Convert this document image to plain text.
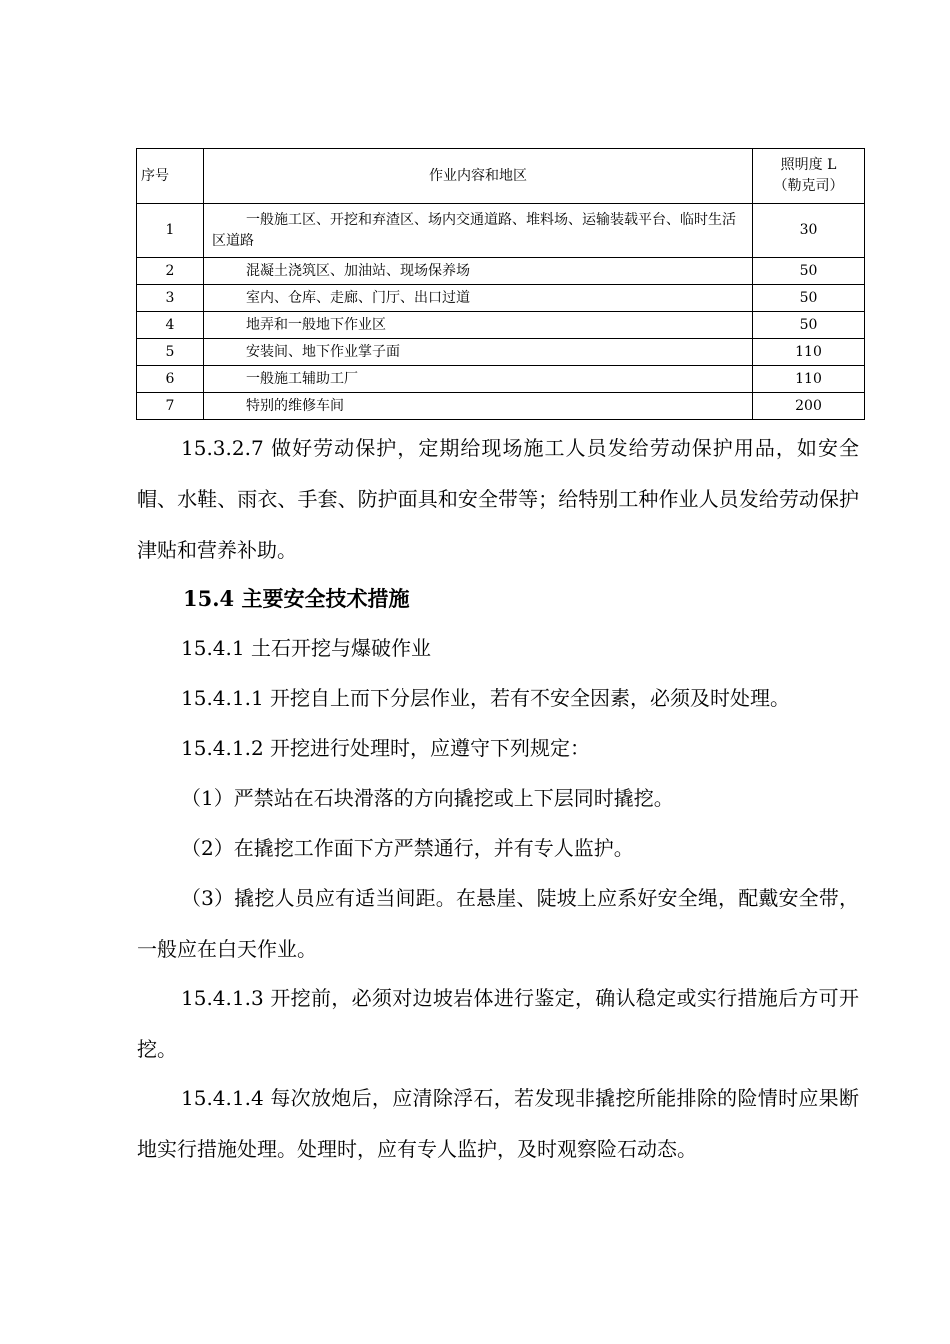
序号	作业内容和地区	照明度 L
（勒克司）

1	一般施工区、开挖和弃渣区、场内交通道路、堆料场、运输装载平台、临时生活区道路	30
2	混凝土浇筑区、加油站、现场保养场	50
3	室内、仓库、走廊、门厅、出口过道	50
4	地弄和一般地下作业区	50
5	安装间、地下作业掌子面	110
6	一般施工辅助工厂	110
7	特别的维修车间	200

15.3.2.7 做好劳动保护，定期给现场施工人员发给劳动保护用品，如安全帽、水鞋、雨衣、手套、防护面具和安全带等；给特别工种作业人员发给劳动保护津贴和营养补助。

15.4 主要安全技术措施

15.4.1 土石开挖与爆破作业

15.4.1.1 开挖自上而下分层作业，若有不安全因素，必须及时处理。

15.4.1.2 开挖进行处理时，应遵守下列规定：

（1）严禁站在石块滑落的方向撬挖或上下层同时撬挖。

（2）在撬挖工作面下方严禁通行，并有专人监护。

（3）撬挖人员应有适当间距。在悬崖、陡坡上应系好安全绳，配戴安全带，一般应在白天作业。

15.4.1.3 开挖前，必须对边坡岩体进行鉴定，确认稳定或实行措施后方可开挖。

15.4.1.4 每次放炮后，应清除浮石，若发现非撬挖所能排除的险情时应果断地实行措施处理。处理时，应有专人监护，及时观察险石动态。
